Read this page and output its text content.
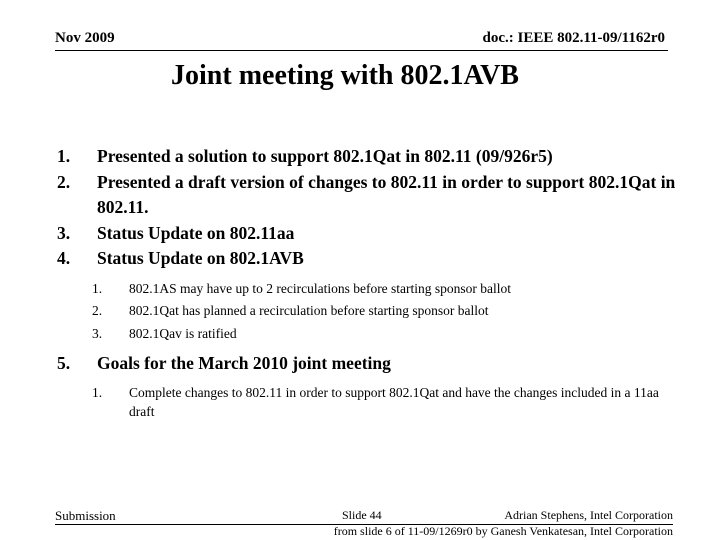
Nov 2009	doc.: IEEE 802.11-09/1162r0
Joint meeting with 802.1AVB
1.	Presented a solution to support 802.1Qat in 802.11 (09/926r5)
2.	Presented a draft version of changes to 802.11 in order to support 802.1Qat in 802.11.
3.	Status Update on 802.11aa
4.	Status Update on 802.1AVB
1.	802.1AS may have up to 2 recirculations before starting sponsor ballot
2.	802.1Qat has planned a recirculation before starting sponsor ballot
3.	802.1Qav is ratified
5.	Goals for the March 2010 joint meeting
1.	Complete changes to 802.11 in order to support 802.1Qat and have the changes included in a 11aa draft
Submission	Slide 44	Adrian Stephens, Intel Corporation
from slide 6 of 11-09/1269r0 by Ganesh Venkatesan, Intel Corporation
